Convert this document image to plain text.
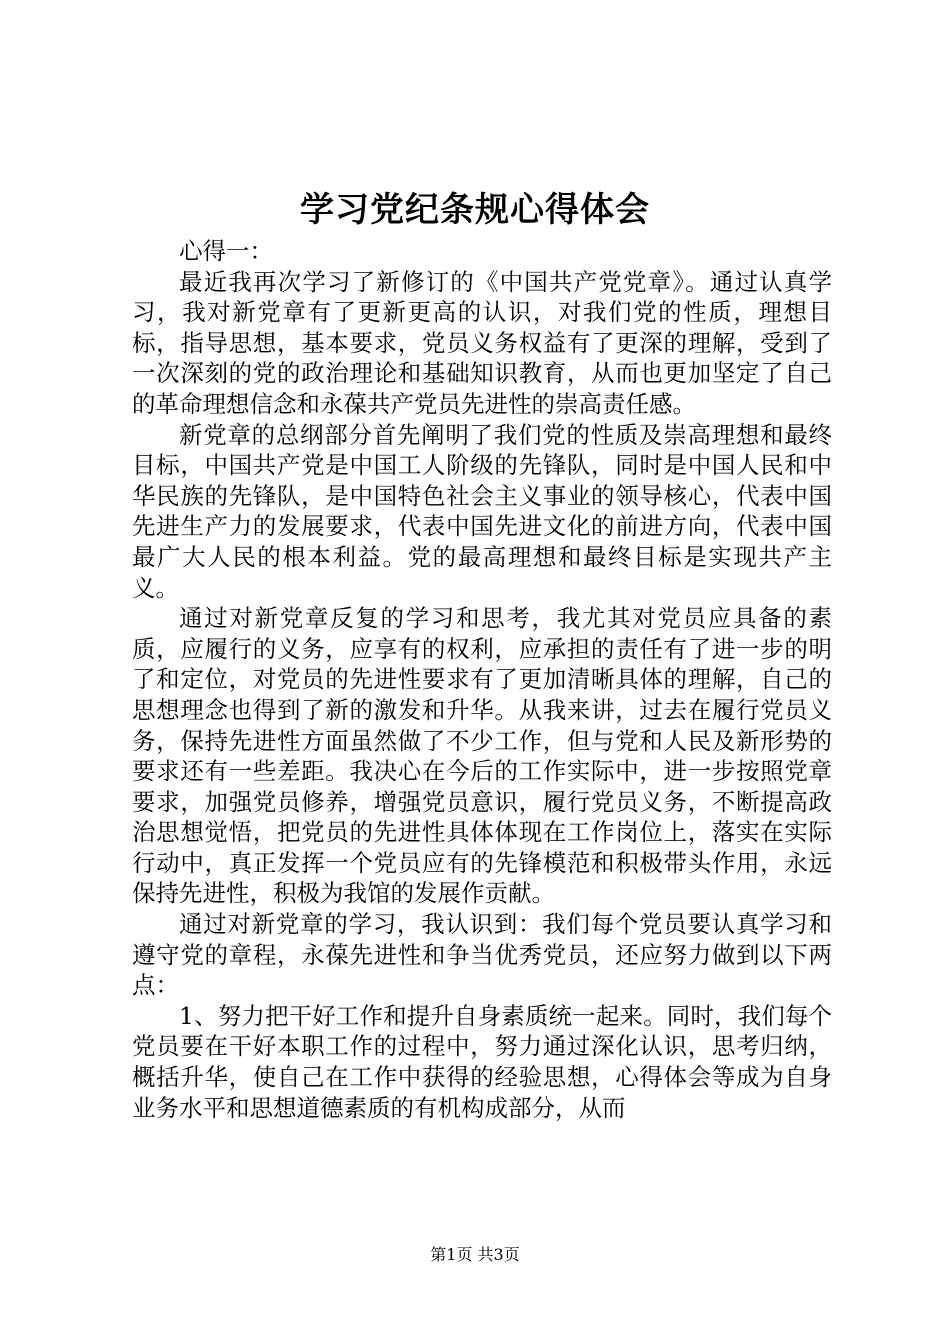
学习党纪条规心得体会

心得一：

最近我再次学习了新修订的《中国共产党党章》。通过认真学习，我对新党章有了更新更高的认识，对我们党的性质，理想目标，指导思想，基本要求，党员义务权益有了更深的理解，受到了一次深刻的党的政治理论和基础知识教育，从而也更加坚定了自己的革命理想信念和永葆共产党员先进性的崇高责任感。

新党章的总纲部分首先阐明了我们党的性质及崇高理想和最终目标，中国共产党是中国工人阶级的先锋队，同时是中国人民和中华民族的先锋队，是中国特色社会主义事业的领导核心，代表中国先进生产力的发展要求，代表中国先进文化的前进方向，代表中国最广大人民的根本利益。党的最高理想和最终目标是实现共产主义。

通过对新党章反复的学习和思考，我尤其对党员应具备的素质，应履行的义务，应享有的权利，应承担的责任有了进一步的明了和定位，对党员的先进性要求有了更加清晰具体的理解，自己的思想理念也得到了新的激发和升华。从我来讲，过去在履行党员义务，保持先进性方面虽然做了不少工作，但与党和人民及新形势的要求还有一些差距。我决心在今后的工作实际中，进一步按照党章要求，加强党员修养，增强党员意识，履行党员义务，不断提高政治思想觉悟，把党员的先进性具体体现在工作岗位上，落实在实际行动中，真正发挥一个党员应有的先锋模范和积极带头作用，永远保持先进性，积极为我馆的发展作贡献。

通过对新党章的学习，我认识到：我们每个党员要认真学习和遵守党的章程，永葆先进性和争当优秀党员，还应努力做到以下两点：

1、努力把干好工作和提升自身素质统一起来。同时，我们每个党员要在干好本职工作的过程中，努力通过深化认识，思考归纳，概括升华，使自己在工作中获得的经验思想，心得体会等成为自身业务水平和思想道德素质的有机构成部分，从而

第1页 共3页
